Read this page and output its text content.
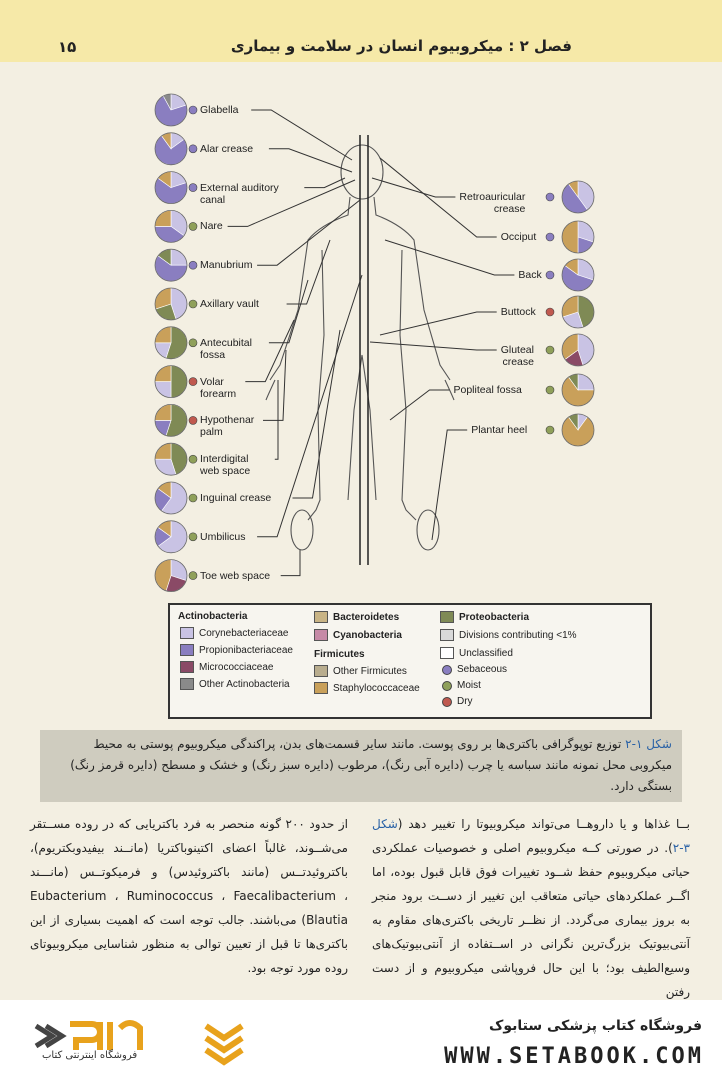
۱۵	فصل ۲ : میکروبیوم انسان در سلامت و بیماری
Glabella
Alar crease
External auditory
canal
Nare
Manubrium
Axillary vault
Antecubital
fossa
Volar
forearm
Hypothenar
palm
Interdigital
web space
Inguinal crease
Umbilicus
Toe web space
Retroauricular
crease
Occiput
Back
Buttock
Gluteal
crease
Popliteal fossa
Plantar heel
Actinobacteria
Corynebacteriaceae
Propionibacteriaceae
Micrococciaceae
Other Actinobacteria
Bacteroidetes
Cyanobacteria
Firmicutes
Other Firmicutes
Staphylococcaceae
Proteobacteria
Divisions contributing <1%
Unclassified
Sebaceous
Moist
Dry
شکل ۱-۲ توزیع توپوگرافی باکتری‌ها بر روی پوست. مانند سایر قسمت‌های بدن، پراکندگی میکروبیوم پوستی به محیط میکروبی محل نمونه مانند سباسه یا چرب (دایره آبی رنگ)، مرطوب (دایره سبز رنگ) و خشک و مسطح (دایره قرمز رنگ) بستگی دارد.
بــا غذاها و یا داروهــا می‌تواند میکروبیوتا را تغییر دهد (شکل ۳-۲). در صورتی کــه میکروبیوم اصلی و خصوصیات عملکردی حیاتی میکروبیوم حفظ شــود تغییرات فوق قابل قبول بوده، اما اگــر عملکردهای حیاتی متعاقب این تغییر از دســت برود منجر به بروز بیماری می‌گردد. از نظــر تاریخی باکتری‌های مقاوم به آنتی‌بیوتیک بزرگ‌ترین نگرانی در اســتفاده از آنتی‌بیوتیک‌های وسیع‌الطیف بود؛ با این حال فروپاشی میکروبیوم و از دست رفتن
از حدود ۲۰۰ گونه منحصر به فرد باکتریایی که در روده مســتقر می‌شــوند، غالباً اعضای اکتینوباکتریا (مانــند بیفیدوبکتریوم)، باکتروئیدتــس (مانند باکتروئیدس) و فرمیکوتــس (مانـــند Eubacterium ، Ruminococcus ، Faecalibacterium ، Blautia) می‌باشند. جالب توجه است که اهمیت بسیاری از این باکتری‌ها تا قبل از تعیین توالی به منظور شناسایی میکروبیوتای روده مورد توجه بود.
فروشگاه اینترنتی کتاب
فروشگاه کتاب پزشکی ستابوک
WWW.SETABOOK.COM
